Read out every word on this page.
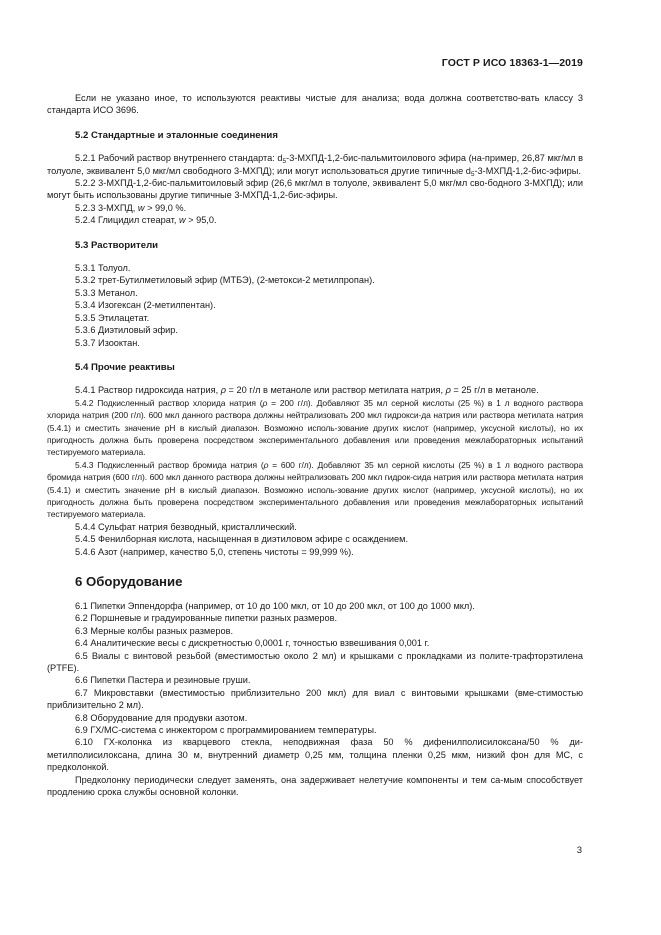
ГОСТ Р ИСО 18363-1—2019

Если не указано иное, то используются реактивы чистые для анализа; вода должна соответство-вать классу 3 стандарта ИСО 3696.

5.2 Стандартные и эталонные соединения

5.2.1 Рабочий раствор внутреннего стандарта: $d_5-3-МХПД-1,2-бис$-пальмитоилового эфира (на-пример, 26,87 мкг/мл в толуоле, эквивалент 5,0 мкг/мл свободного 3-МХПД); или могут использоваться другие типичные $d_5-3-МХПД-1,2-бис$-эфиры.

5.2.2 3-МХПД-1,2-бис-пальмитоиловый эфир (26,6 мкг/мл в толуоле, эквивалент 5,0 мкг/мл сво-бодного 3-МХПД); или могут быть использованы другие типичные 3-МХПД-1,2-бис-эфиры.

5.2.3 3-МХПД, w > 99,0 %.

5.2.4 Глицидил стеарат, w > 95,0.

5.3 Растворители

5.3.1 Толуол.

5.3.2 трет-Бутилметиловый эфир (МТБЭ), (2-метокси-2 метилпропан).

5.3.3 Метанол.

5.3.4 Изогексан (2-метилпентан).

5.3.5 Этилацетат.

5.3.6 Диэтиловый эфир.

5.3.7 Изооктан.

5.4 Прочие реактивы

5.4.1 Раствор гидроксида натрия, ρ = 20 г/л в метаноле или раствор метилата натрия, ρ = 25 г/л в метаноле.

5.4.2 Подкисленный раствор хлорида натрия (ρ = 200 г/л). Добавляют 35 мл серной кислоты (25 %) в 1 л водного раствора хлорида натрия (200 г/л). 600 мкл данного раствора должны нейтрализовать 200 мкл гидрокси-да натрия или раствора метилата натрия (5.4.1) и сместить значение pH в кислый диапазон. Возможно исполь-зование других кислот (например, уксусной кислоты), но их пригодность должна быть проверена посредством экспериментального добавления или проведения межлабораторных испытаний тестируемого материала.

5.4.3 Подкисленный раствор бромида натрия (ρ = 600 г/л). Добавляют 35 мл серной кислоты (25 %) в 1 л водного раствора бромида натрия (600 г/л). 600 мкл данного раствора должны нейтрализовать 200 мкл гидрок-сида натрия или раствора метилата натрия (5.4.1) и сместить значение pH в кислый диапазон. Возможно исполь-зование других кислот (например, уксусной кислоты), но их пригодность должна быть проверена посредством экспериментального добавления или проведения межлабораторных испытаний тестируемого материала.

5.4.4 Сульфат натрия безводный, кристаллический.

5.4.5 Фенилборная кислота, насыщенная в диэтиловом эфире с осаждением.

5.4.6 Азот (например, качество 5,0, степень чистоты = 99,999 %).

6 Оборудование

6.1 Пипетки Эппендорфа (например, от 10 до 100 мкл, от 10 до 200 мкл, от 100 до 1000 мкл).

6.2 Поршневые и градуированные пипетки разных размеров.

6.3 Мерные колбы разных размеров.

6.4 Аналитические весы с дискретностью 0,0001 г, точностью взвешивания 0,001 г.

6.5 Виалы с винтовой резьбой (вместимостью около 2 мл) и крышками с прокладками из полите-трафторэтилена (PTFE).

6.6 Пипетки Пастера и резиновые груши.

6.7 Микровставки (вместимостью приблизительно 200 мкл) для виал с винтовыми крышками (вме-стимостью приблизительно 2 мл).

6.8 Оборудование для продувки азотом.

6.9 ГХ/МС-система с инжектором с программированием температуры.

6.10 ГХ-колонка из кварцевого стекла, неподвижная фаза 50 % дифенилполисилоксана/50 % ди-метилполисилоксана, длина 30 м, внутренний диаметр 0,25 мм, толщина пленки 0,25 мкм, низкий фон для МС, с предколонкой.

Предколонку периодически следует заменять, она задерживает нелетучие компоненты и тем са-мым способствует продлению срока службы основной колонки.

3
